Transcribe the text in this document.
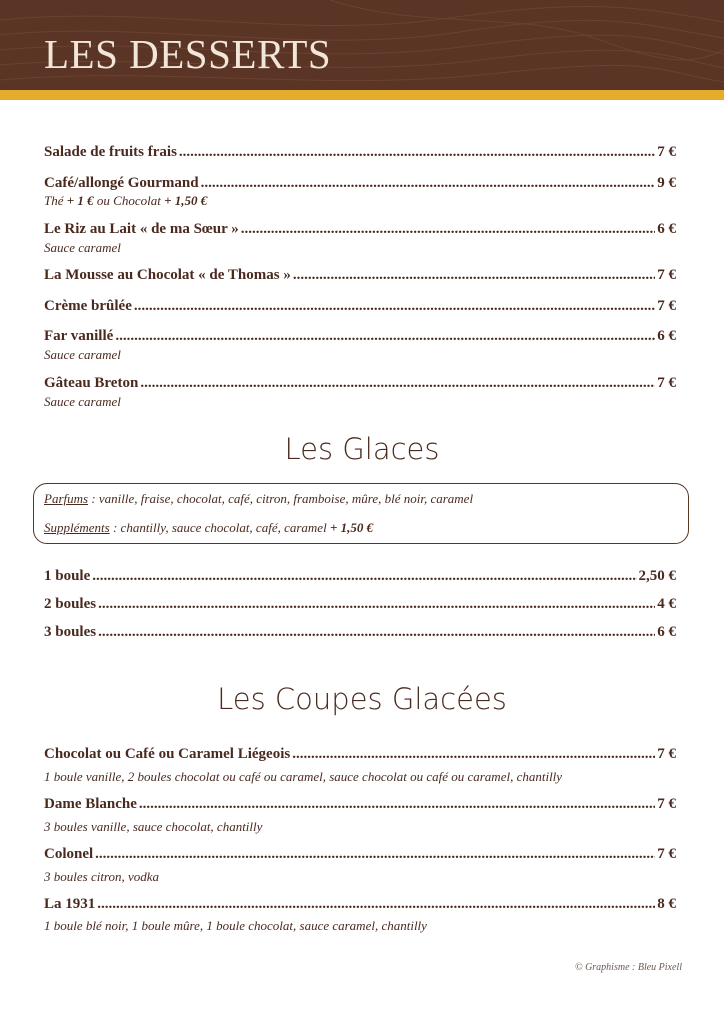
LES DESSERTS
Salade de fruits frais .....	7 €
Café/allongé Gourmand .....	9 €
Thé + 1 € ou Chocolat + 1,50 €
Le Riz au Lait « de ma Sœur » .....	6 €
Sauce caramel
La Mousse au Chocolat « de Thomas » .....	7 €
Crème brûlée .....	7 €
Far vanillé .....	6 €
Sauce caramel
Gâteau Breton .....	7 €
Sauce caramel
Les Glaces
Parfums : vanille, fraise, chocolat, café, citron, framboise, mûre, blé noir, caramel
Suppléments : chantilly, sauce chocolat, café, caramel + 1,50 €
1 boule .....	2,50 €
2 boules .....	4 €
3 boules .....	6 €
Les Coupes Glacées
Chocolat ou Café ou Caramel Liégeois .....	7 €
1 boule vanille, 2 boules chocolat ou café ou caramel, sauce chocolat ou café ou caramel, chantilly
Dame Blanche .....	7 €
3 boules vanille, sauce chocolat, chantilly
Colonel .....	7 €
3 boules citron, vodka
La 1931 .....	8 €
1 boule blé noir, 1 boule mûre, 1 boule chocolat, sauce caramel, chantilly
© Graphisme : Bleu Pixell
